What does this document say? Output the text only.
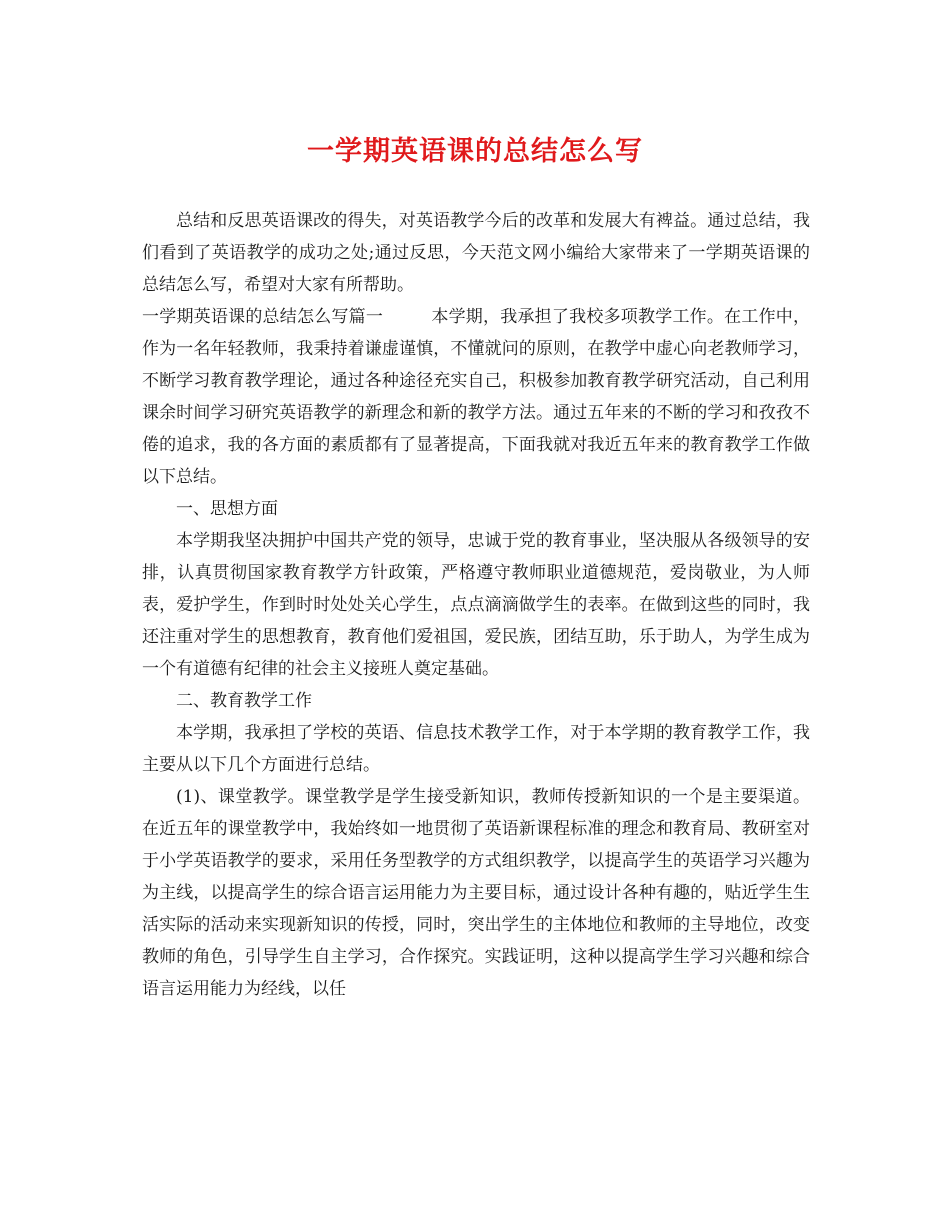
一学期英语课的总结怎么写

总结和反思英语课改的得失，对英语教学今后的改革和发展大有裨益。通过总结，我们看到了英语教学的成功之处;通过反思，今天范文网小编给大家带来了一学期英语课的总结怎么写，希望对大家有所帮助。

一学期英语课的总结怎么写篇一	本学期，我承担了我校多项教学工作。在工作中，作为一名年轻教师，我秉持着谦虚谨慎，不懂就问的原则，在教学中虚心向老教师学习，不断学习教育教学理论，通过各种途径充实自己，积极参加教育教学研究活动，自己利用课余时间学习研究英语教学的新理念和新的教学方法。通过五年来的不断的学习和孜孜不倦的追求，我的各方面的素质都有了显著提高，下面我就对我近五年来的教育教学工作做以下总结。

一、思想方面

本学期我坚决拥护中国共产党的领导，忠诚于党的教育事业，坚决服从各级领导的安排，认真贯彻国家教育教学方针政策，严格遵守教师职业道德规范，爱岗敬业，为人师表，爱护学生，作到时时处处关心学生，点点滴滴做学生的表率。在做到这些的同时，我还注重对学生的思想教育，教育他们爱祖国，爱民族，团结互助，乐于助人，为学生成为一个有道德有纪律的社会主义接班人奠定基础。

二、教育教学工作

本学期，我承担了学校的英语、信息技术教学工作，对于本学期的教育教学工作，我主要从以下几个方面进行总结。

(1)、课堂教学。课堂教学是学生接受新知识，教师传授新知识的一个是主要渠道。在近五年的课堂教学中，我始终如一地贯彻了英语新课程标准的理念和教育局、教研室对于小学英语教学的要求，采用任务型教学的方式组织教学，以提高学生的英语学习兴趣为为主线，以提高学生的综合语言运用能力为主要目标，通过设计各种有趣的，贴近学生生活实际的活动来实现新知识的传授，同时，突出学生的主体地位和教师的主导地位，改变教师的角色，引导学生自主学习，合作探究。实践证明，这种以提高学生学习兴趣和综合语言运用能力为经线，以任
